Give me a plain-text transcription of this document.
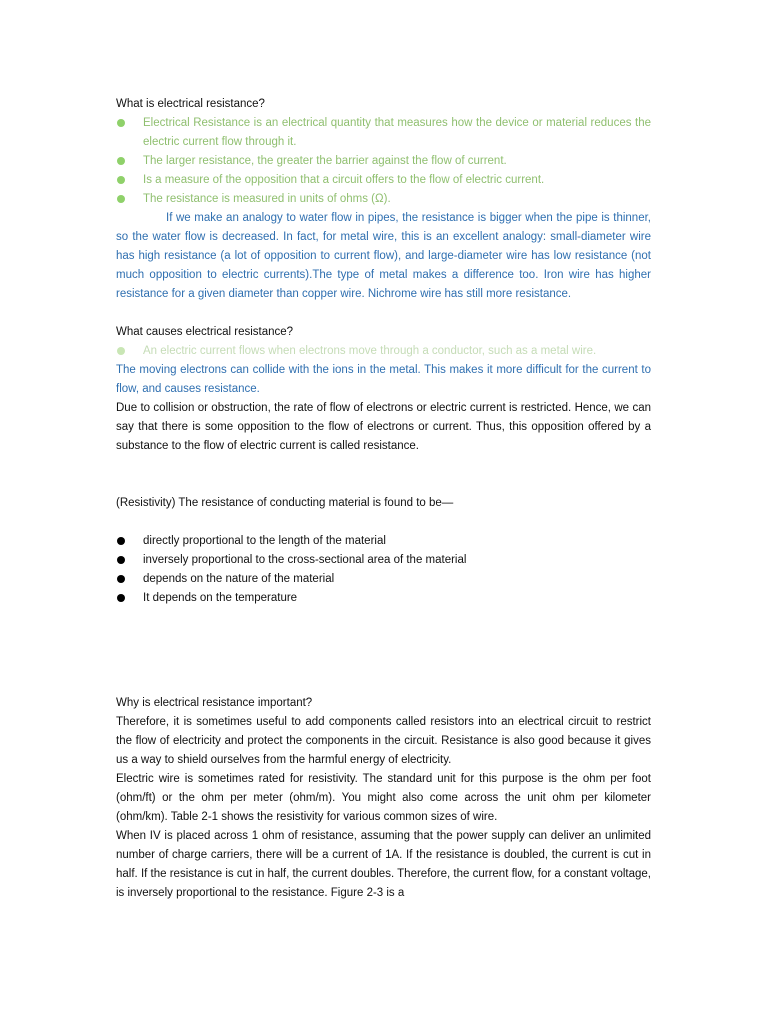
What is electrical resistance?

Electrical Resistance is an electrical quantity that measures how the device or material reduces the electric current flow through it.
The larger resistance, the greater the barrier against the flow of current.
Is a measure of the opposition that a circuit offers to the flow of electric current.
The resistance is measured in units of ohms (Ω).

If we make an analogy to water flow in pipes, the resistance is bigger when the pipe is thinner, so the water flow is decreased. In fact, for metal wire, this is an excellent analogy: small-diameter wire has high resistance (a lot of opposition to current flow), and large-diameter wire has low resistance (not much opposition to electric currents).The type of metal makes a difference too. Iron wire has higher resistance for a given diameter than copper wire. Nichrome wire has still more resistance.

What causes electrical resistance?

An electric current flows when electrons move through a conductor, such as a metal wire.

The moving electrons can collide with the ions in the metal. This makes it more difficult for the current to flow, and causes resistance.

Due to collision or obstruction, the rate of flow of electrons or electric current is restricted. Hence, we can say that there is some opposition to the flow of electrons or current. Thus, this opposition offered by a substance to the flow of electric current is called resistance.

(Resistivity) The resistance of conducting material is found to be—

directly proportional to the length of the material
inversely proportional to the cross-sectional area of the material
depends on the nature of the material
It depends on the temperature

Why is electrical resistance important?

Therefore, it is sometimes useful to add components called resistors into an electrical circuit to restrict the flow of electricity and protect the components in the circuit. Resistance is also good because it gives us a way to shield ourselves from the harmful energy of electricity.

Electric wire is sometimes rated for resistivity. The standard unit for this purpose is the ohm per foot (ohm/ft) or the ohm per meter (ohm/m). You might also come across the unit ohm per kilometer (ohm/km). Table 2-1 shows the resistivity for various common sizes of wire.

When IV is placed across 1 ohm of resistance, assuming that the power supply can deliver an unlimited number of charge carriers, there will be a current of 1A. If the resistance is doubled, the current is cut in half. If the resistance is cut in half, the current doubles. Therefore, the current flow, for a constant voltage, is inversely proportional to the resistance. Figure 2-3 is a
